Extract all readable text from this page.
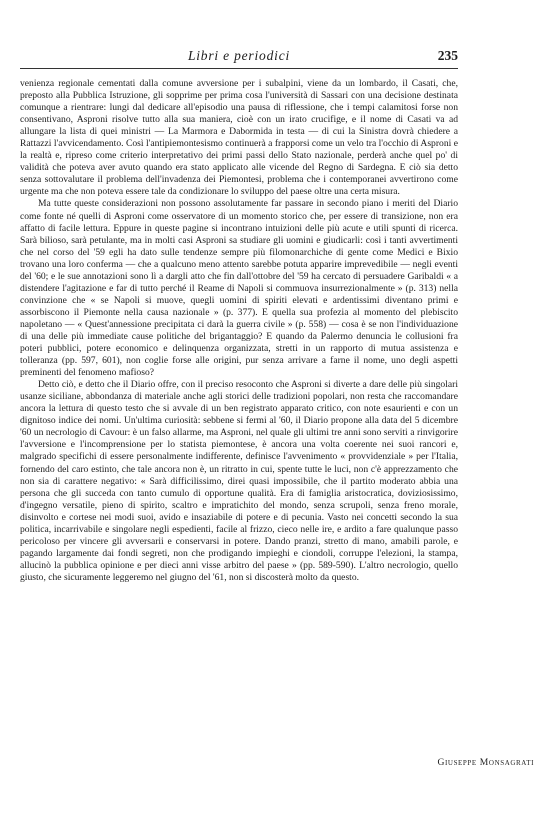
Libri e periodici	235

venienza regionale cementati dalla comune avversione per i subalpini, viene da un lombardo, il Casati, che, preposto alla Pubblica Istruzione, gli sopprime per prima cosa l'università di Sassari con una decisione destinata comunque a rientrare: lungi dal dedicare all'episodio una pausa di riflessione, che i tempi calamitosi forse non consentivano, Asproni risolve tutto alla sua maniera, cioè con un irato crucifige, e il nome di Casati va ad allungare la lista di quei ministri — La Marmora e Dabormida in testa — di cui la Sinistra dovrà chiedere a Rattazzi l'avvicendamento. Così l'antipiemontesismo continuerà a frapporsi come un velo tra l'occhio di Asproni e la realtà e, ripreso come criterio interpretativo dei primi passi dello Stato nazionale, perderà anche quel po' di validità che poteva aver avuto quando era stato applicato alle vicende del Regno di Sardegna. E ciò sia detto senza sottovalutare il problema dell'invadenza dei Piemontesi, problema che i contemporanei avvertirono come urgente ma che non poteva essere tale da condizionare lo sviluppo del paese oltre una certa misura.

Ma tutte queste considerazioni non possono assolutamente far passare in secondo piano i meriti del Diario come fonte né quelli di Asproni come osservatore di un momento storico che, per essere di transizione, non era affatto di facile lettura. Eppure in queste pagine si incontrano intuizioni delle più acute e utili spunti di ricerca. Sarà bilioso, sarà petulante, ma in molti casi Asproni sa studiare gli uomini e giudicarli: così i tanti avvertimenti che nel corso del '59 egli ha dato sulle tendenze sempre più filomonarchiche di gente come Medici e Bixio trovano una loro conferma — che a qualcuno meno attento sarebbe potuta apparire imprevedibile — negli eventi del '60; e le sue annotazioni sono lì a dargli atto che fin dall'ottobre del '59 ha cercato di persuadere Garibaldi « a distendere l'agitazione e far di tutto perché il Reame di Napoli si commuova insurrezionalmente » (p. 313) nella convinzione che « se Napoli si muove, quegli uomini di spiriti elevati e ardentissimi diventano primi e assorbiscono il Piemonte nella causa nazionale » (p. 377). E quella sua profezia al momento del plebiscito napoletano — « Quest'annessione precipitata ci darà la guerra civile » (p. 558) — cosa è se non l'individuazione di una delle più immediate cause politiche del brigantaggio? E quando da Palermo denuncia le collusioni fra poteri pubblici, potere economico e delinquenza organizzata, stretti in un rapporto di mutua assistenza e tolleranza (pp. 597, 601), non coglie forse alle origini, pur senza arrivare a farne il nome, uno degli aspetti preminenti del fenomeno mafioso?

Detto ciò, e detto che il Diario offre, con il preciso resoconto che Asproni si diverte a dare delle più singolari usanze siciliane, abbondanza di materiale anche agli storici delle tradizioni popolari, non resta che raccomandare ancora la lettura di questo testo che si avvale di un ben registrato apparato critico, con note esaurienti e con un dignitoso indice dei nomi. Un'ultima curiosità: sebbene si fermi al '60, il Diario propone alla data del 5 dicembre '60 un necrologio di Cavour: è un falso allarme, ma Asproni, nel quale gli ultimi tre anni sono serviti a rinvigorire l'avversione e l'incomprensione per lo statista piemontese, è ancora una volta coerente nei suoi rancori e, malgrado specifichi di essere personalmente indifferente, definisce l'avvenimento « provvidenziale » per l'Italia, fornendo del caro estinto, che tale ancora non è, un ritratto in cui, spente tutte le luci, non c'è apprezzamento che non sia di carattere negativo: « Sarà difficilissimo, direi quasi impossibile, che il partito moderato abbia una persona che gli succeda con tanto cumulo di opportune qualità. Era di famiglia aristocratica, doviziosissimo, d'ingegno versatile, pieno di spirito, scaltro e impratichito del mondo, senza scrupoli, senza freno morale, disinvolto e cortese nei modi suoi, avido e insaziabile di potere e di pecunia. Vasto nei concetti secondo la sua politica, incarrivabile e singolare negli espedienti, facile al frizzo, cieco nelle ire, e ardito a fare qualunque passo pericoloso per vincere gli avversarii e conservarsi in potere. Dando pranzi, stretto di mano, amabili parole, e pagando largamente dai fondi segreti, non che prodigando impieghi e ciondoli, corruppe l'elezioni, la stampa, allucinò la pubblica opinione e per dieci anni visse arbitro del paese » (pp. 589-590). L'altro necrologio, quello giusto, che sicuramente leggeremo nel giugno del '61, non si discosterà molto da questo.

Giuseppe Monsagrati
